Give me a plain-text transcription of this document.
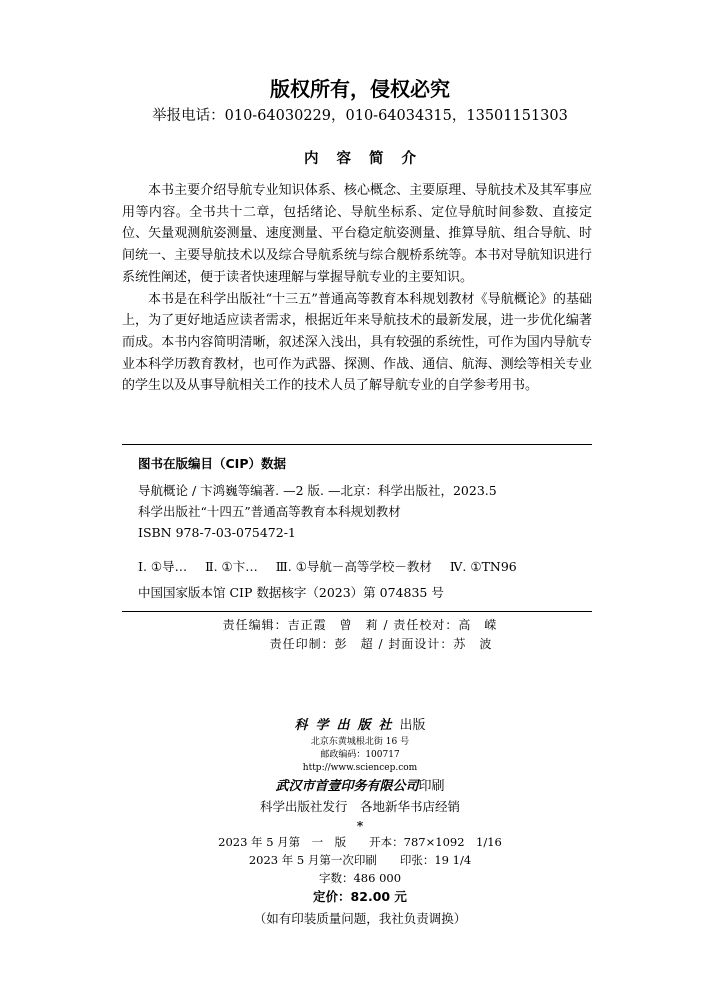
版权所有，侵权必究
举报电话：010-64030229，010-64034315，13501151303
内容简介

本书主要介绍导航专业知识体系、核心概念、主要原理、导航技术及其军事应用等内容。全书共十二章，包括绪论、导航坐标系、定位导航时间参数、直接定位、矢量观测航姿测量、速度测量、平台稳定航姿测量、推算导航、组合导航、时间统一、主要导航技术以及综合导航系统与综合舰桥系统等。本书对导航知识进行系统性阐述，便于读者快速理解与掌握导航专业的主要知识。

本书是在科学出版社“十三五”普通高等教育本科规划教材《导航概论》的基础上，为了更好地适应读者需求，根据近年来导航技术的最新发展，进一步优化编著而成。本书内容简明清晰，叙述深入浅出，具有较强的系统性，可作为国内导航专业本科学历教育教材，也可作为武器、探测、作战、通信、航海、测绘等相关专业的学生以及从事导航相关工作的技术人员了解导航专业的自学参考用书。

图书在版编目（CIP）数据
导航概论 / 卞鸿巍等编著. —2 版. —北京：科学出版社，2023.5
科学出版社“十四五”普通高等教育本科规划教材
ISBN 978-7-03-075472-1
Ⅰ. ①导… Ⅱ. ①卞… Ⅲ. ①导航－高等学校－教材 Ⅳ. ①TN96
中国国家版本馆 CIP 数据核字（2023）第 074835 号
责任编辑：吉正霞　曾　莉 / 责任校对：高　嵘
责任印制：彭　超 / 封面设计：苏　波
科学出版社出版
北京东黄城根北街 16 号
邮政编码：100717
http://www.sciencep.com
武汉市首壹印务有限公司印刷
科学出版社发行　各地新华书店经销
*
2023 年 5 月第　一　版　　开本：787×1092　1/16
2023 年 5 月第一次印刷　　印张：19 1/4
字数：486 000
定价：82.00 元
（如有印装质量问题，我社负责调换）
